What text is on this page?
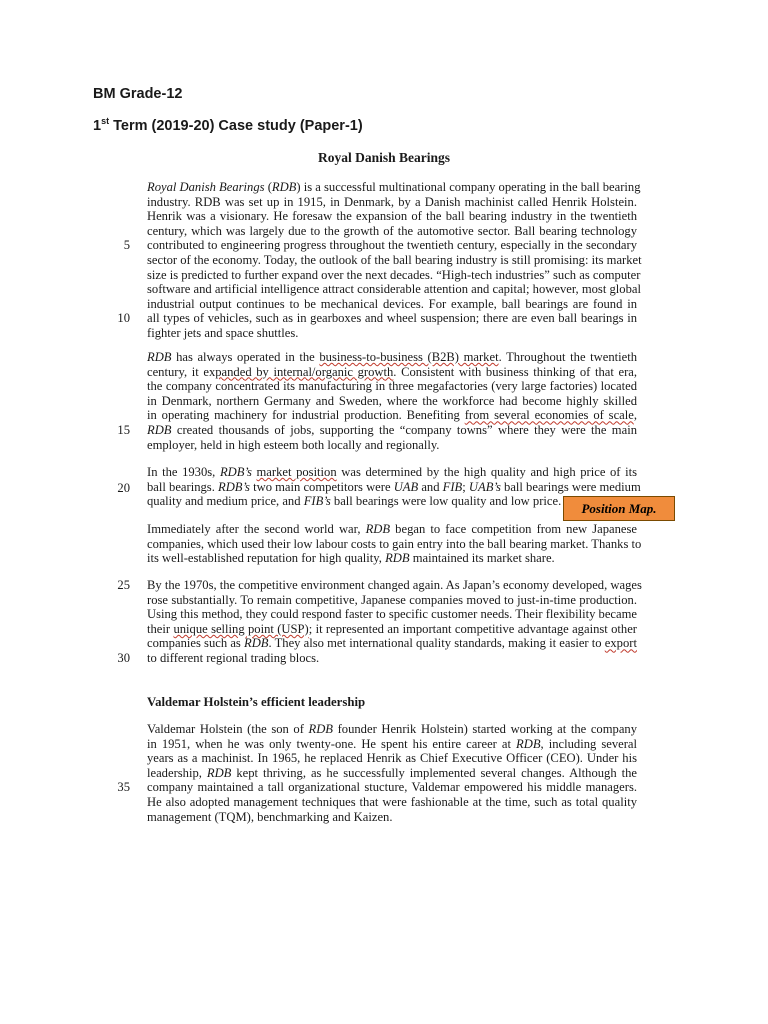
BM Grade-12

1st Term (2019-20) Case study (Paper-1)

Royal Danish Bearings
Royal Danish Bearings (RDB) is a successful multinational company operating in the ball bearing
industry. RDB was set up in 1915, in Denmark, by a Danish machinist called Henrik Holstein.
Henrik was a visionary. He foresaw the expansion of the ball bearing industry in the twentieth
century, which was largely due to the growth of the automotive sector. Ball bearing technology
contributed to engineering progress throughout the twentieth century, especially in the secondary
sector of the economy. Today, the outlook of the ball bearing industry is still promising: its market
size is predicted to further expand over the next decades. “High-tech industries” such as computer
software and artificial intelligence attract considerable attention and capital; however, most global
industrial output continues to be mechanical devices. For example, ball bearings are found in
all types of vehicles, such as in gearboxes and wheel suspension; there are even ball bearings in
fighter jets and space shuttles.
RDB has always operated in the business-to-business (B2B) market. Throughout the twentieth
century, it expanded by internal/organic growth. Consistent with business thinking of that era,
the company concentrated its manufacturing in three megafactories (very large factories) located
in Denmark, northern Germany and Sweden, where the workforce had become highly skilled
in operating machinery for industrial production. Benefiting from several economies of scale,
RDB created thousands of jobs, supporting the “company towns” where they were the main
employer, held in high esteem both locally and regionally.
In the 1930s, RDB’s market position was determined by the high quality and high price of its
ball bearings. RDB’s two main competitors were UAB and FIB; UAB’s ball bearings were medium
quality and medium price, and FIB’s ball bearings were low quality and low price.
Immediately after the second world war, RDB began to face competition from new Japanese
companies, which used their low labour costs to gain entry into the ball bearing market. Thanks to
its well-established reputation for high quality, RDB maintained its market share.
By the 1970s, the competitive environment changed again. As Japan’s economy developed, wages
rose substantially. To remain competitive, Japanese companies moved to just-in-time production.
Using this method, they could respond faster to specific customer needs. Their flexibility became
their unique selling point (USP); it represented an important competitive advantage against other
companies such as RDB. They also met international quality standards, making it easier to export
to different regional trading blocs.
Valdemar Holstein’s efficient leadership
Valdemar Holstein (the son of RDB founder Henrik Holstein) started working at the company
in 1951, when he was only twenty-one. He spent his entire career at RDB, including several
years as a machinist. In 1965, he replaced Henrik as Chief Executive Officer (CEO). Under his
leadership, RDB kept thriving, as he successfully implemented several changes. Although the
company maintained a tall organizational stucture, Valdemar empowered his middle managers.
He also adopted management techniques that were fashionable at the time, such as total quality
management (TQM), benchmarking and Kaizen.
5
10
15
20
25
30
35
Position Map.
